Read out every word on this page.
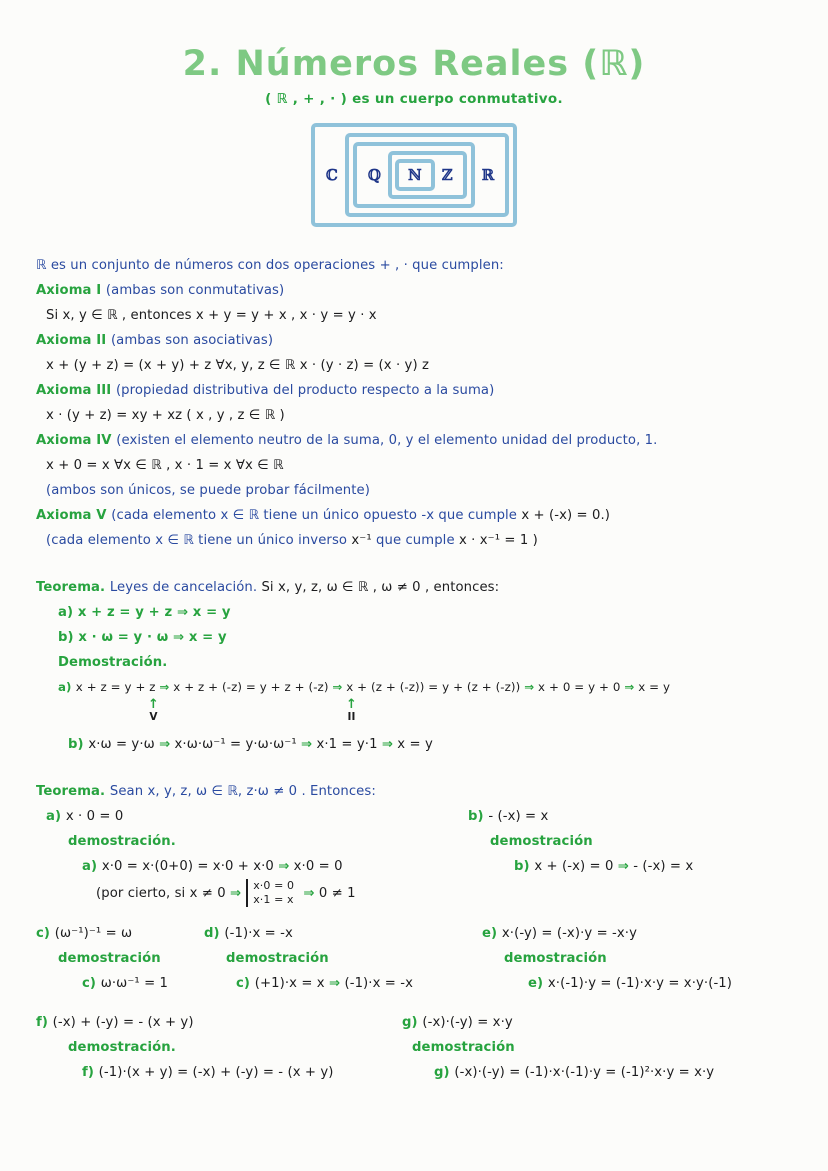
2. Números Reales (ℝ)
( ℝ , + , · ) es un cuerpo conmutativo.
ℂ	ℚ	ℕ	ℤ	ℝ
ℝ es un conjunto de números con dos operaciones + , · que cumplen:
Axioma I (ambas son conmutativas)
Si x, y ∈ ℝ , entonces x + y = y + x , x · y = y · x
Axioma II (ambas son asociativas)
x + (y + z) = (x + y) + z ∀x, y, z ∈ ℝ x · (y · z) = (x · y) z
Axioma III (propiedad distributiva del producto respecto a la suma)
x · (y + z) = xy + xz ( x , y , z ∈ ℝ )
Axioma IV (existen el elemento neutro de la suma, 0, y el elemento unidad del producto, 1.
x + 0 = x ∀x ∈ ℝ , x · 1 = x ∀x ∈ ℝ
(ambos son únicos, se puede probar fácilmente)
Axioma V (cada elemento x ∈ ℝ tiene un único opuesto -x que cumple x + (-x) = 0.)
(cada elemento x ∈ ℝ tiene un único inverso x⁻¹ que cumple x · x⁻¹ = 1 )
Teorema. Leyes de cancelación. Si x, y, z, ω ∈ ℝ , ω ≠ 0 , entonces:
a) x + z = y + z ⇒ x = y
b) x · ω = y · ω ⇒ x = y
Demostración.
a) x + z = y + z ⇒ x + z + (-z) = y + z + (-z) ⇒ x + (z + (-z)) = y + (z + (-z)) ⇒ x + 0 = y + 0 ⇒ x = y
↑
V
↑
II
b) x·ω = y·ω ⇒ x·ω·ω⁻¹ = y·ω·ω⁻¹ ⇒ x·1 = y·1 ⇒ x = y
Teorema. Sean x, y, z, ω ∈ ℝ, z·ω ≠ 0 . Entonces:
a) x · 0 = 0
demostración.
a) x·0 = x·(0+0) = x·0 + x·0 ⇒ x·0 = 0
(por cierto, si x ≠ 0 ⇒
x·0 = 0
x·1 = x ⇒ 0 ≠ 1
b) - (-x) = x
demostración
b) x + (-x) = 0 ⇒ - (-x) = x
c) (ω⁻¹)⁻¹ = ω
demostración
c) ω·ω⁻¹ = 1
d) (-1)·x = -x
demostración
c) (+1)·x = x ⇒ (-1)·x = -x
e) x·(-y) = (-x)·y = -x·y
demostración
e) x·(-1)·y = (-1)·x·y = x·y·(-1)
f) (-x) + (-y) = - (x + y)
demostración.
f) (-1)·(x + y) = (-x) + (-y) = - (x + y)
g) (-x)·(-y) = x·y
demostración
g) (-x)·(-y) = (-1)·x·(-1)·y = (-1)²·x·y = x·y
